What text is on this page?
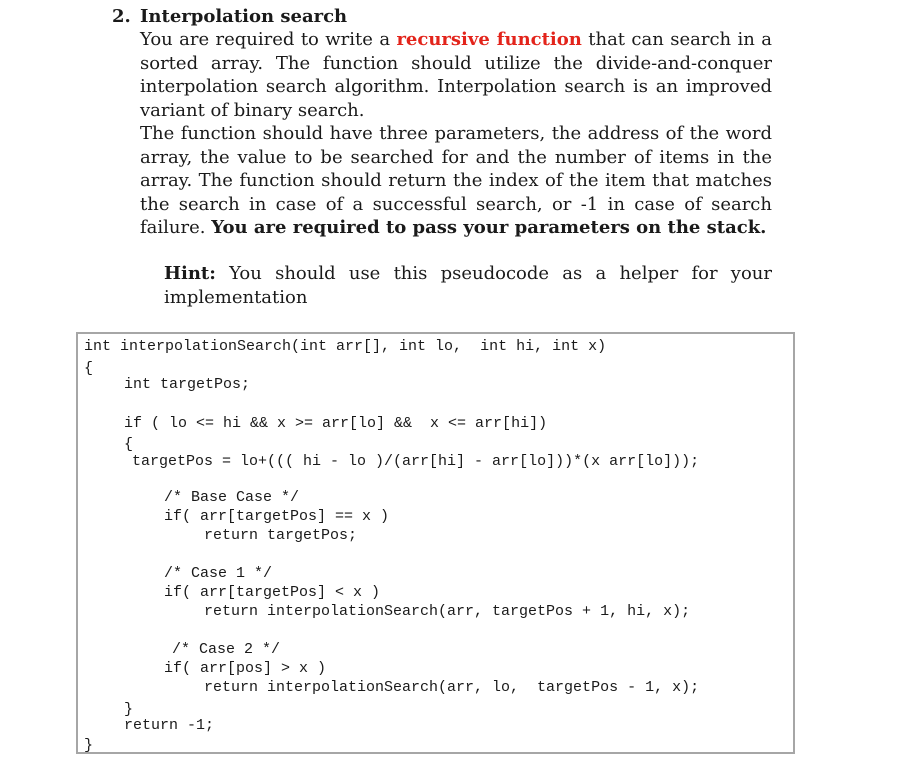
2. Interpolation search

You are required to write a recursive function that can search in a sorted array. The function should utilize the divide-and-conquer interpolation search algorithm. Interpolation search is an improved variant of binary search.

The function should have three parameters, the address of the word array, the value to be searched for and the number of items in the array. The function should return the index of the item that matches the search in case of a successful search, or -1 in case of search failure. You are required to pass your parameters on the stack.

Hint: You should use this pseudocode as a helper for your implementation
int interpolationSearch(int arr[], int lo,  int hi, int x)
{
int targetPos;
if ( lo <= hi && x >= arr[lo] &&  x <= arr[hi])
{
targetPos = lo+((( hi - lo )/(arr[hi] - arr[lo]))*(x arr[lo]));
/* Base Case */
if( arr[targetPos] == x )
return targetPos;
/* Case 1 */
if( arr[targetPos] < x )
return interpolationSearch(arr, targetPos + 1, hi, x);
/* Case 2 */
if( arr[pos] > x )
return interpolationSearch(arr, lo,  targetPos - 1, x);
}
return -1;
}
